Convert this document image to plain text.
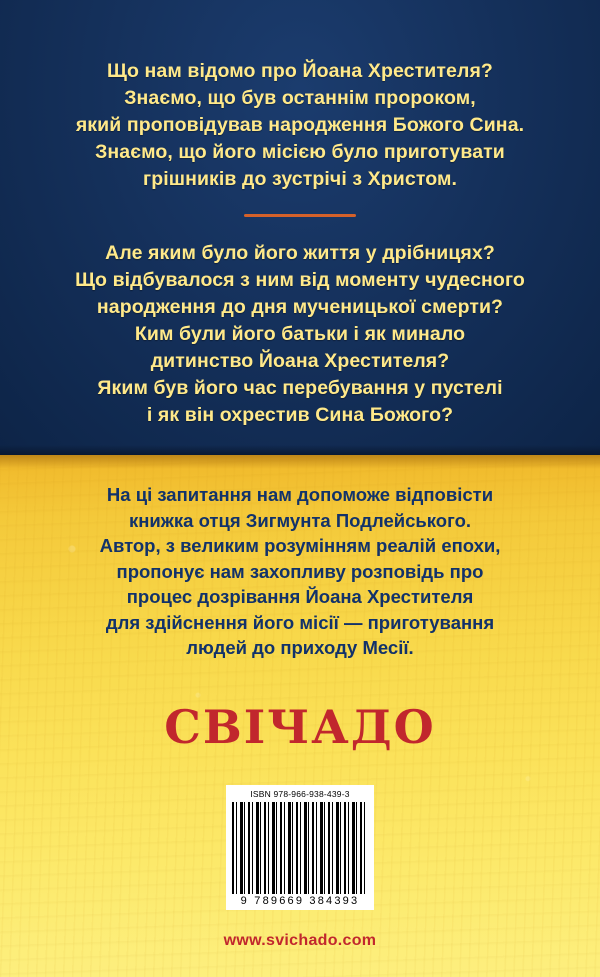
Що нам відомо про Йоана Хрестителя?
Знаємо, що був останнім пророком,
який проповідував народження Божого Сина.
Знаємо, що його місією було приготувати
грішників до зустрічі з Христом.
Але яким було його життя у дрібницях?
Що відбувалося з ним від моменту чудесного
народження до дня мученицької смерти?
Ким були його батьки і як минало
дитинство Йоана Хрестителя?
Яким був його час перебування у пустелі
і як він охрестив Сина Божого?
На ці запитання нам допоможе відповісти
книжка отця Зигмунта Подлейського.
Автор, з великим розумінням реалій епохи,
пропонує нам захопливу розповідь про
процес дозрівання Йоана Хрестителя
для здійснення його місії — приготування
людей до приходу Месії.
СВІЧАДО
ISBN 978-966-938-439-3
9 789669 384393
www.svichado.com
